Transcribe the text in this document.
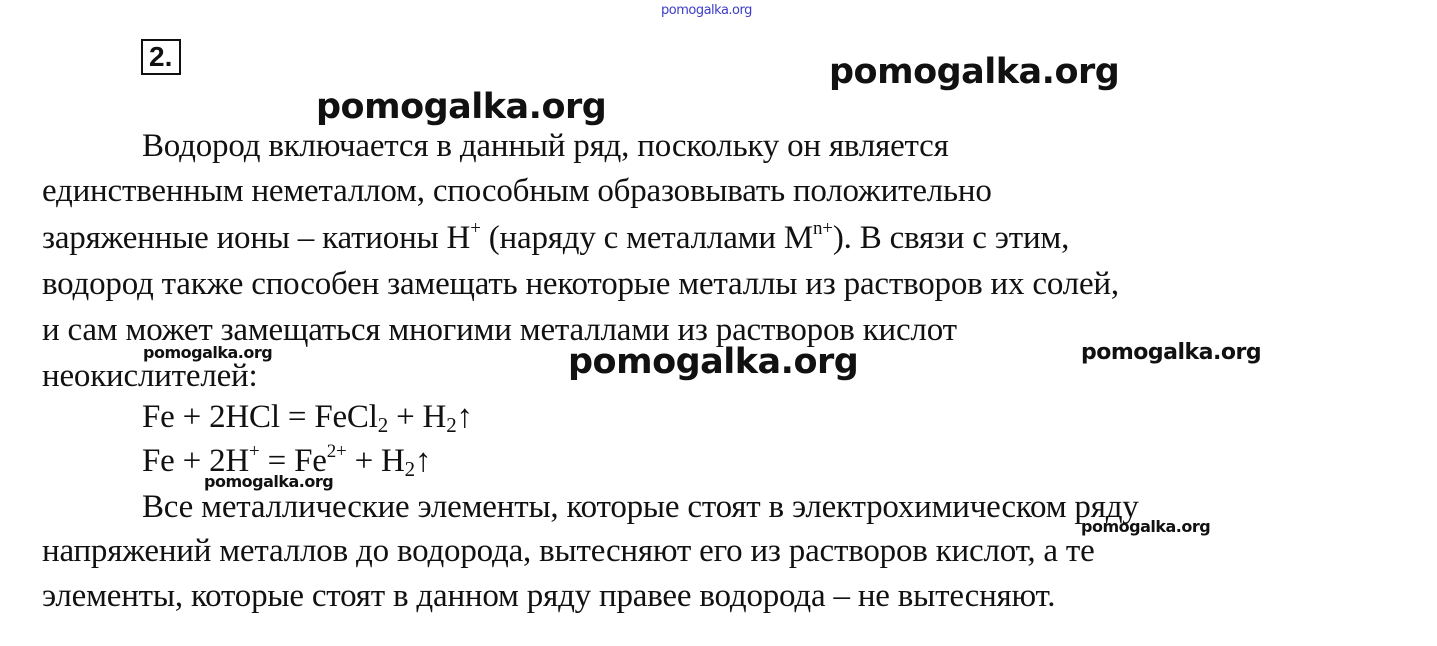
pomogalka.org
pomogalka.org
pomogalka.org
pomogalka.org	pomogalka.org
pomogalka.org
pomogalka.org
pomogalka.org
2.
Водород включается в данный ряд, поскольку он является
единственным неметаллом, способным образовывать положительно
заряженные ионы – катионы H+ (наряду с металлами $M^{n+}$). В связи с этим,
водород также способен замещать некоторые металлы из растворов их солей,
и сам может замещаться многими металлами из растворов кислот
неокислителей:
Fe + 2HCl = FeCl$_2$ + $H_2↑$
$Fe + 2H^+ = Fe^{2+}$ + $H_2↑$
Все металлические элементы, которые стоят в электрохимическом ряду
напряжений металлов до водорода, вытесняют его из растворов кислот, а те
элементы, которые стоят в данном ряду правее водорода – не вытесняют.
